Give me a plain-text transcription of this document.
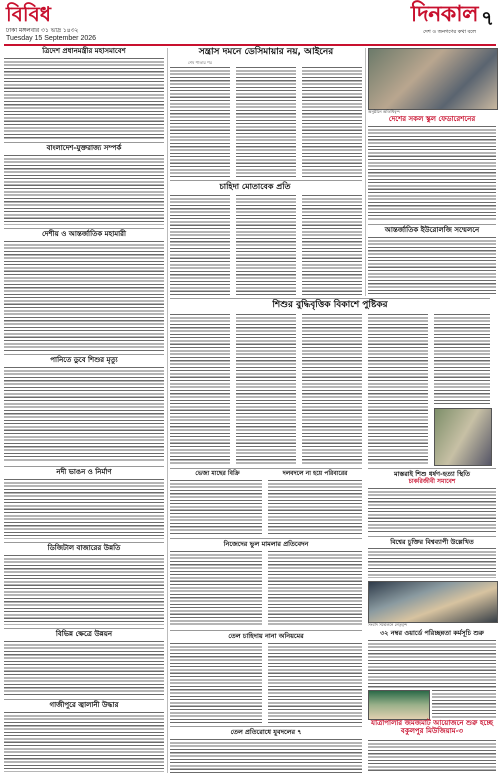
বিবিধ
ঢাকা মঙ্গলবার ৩১ ভাদ্র ১৪৩২
Tuesday 15 September 2026
দিনকাল
দেশ ও জনগণের কথা বলে
৭
ত্রিদেশ প্রধানমন্ত্রীর মহাসমাবেশ
বাংলাদেশ-যুক্তরাজ্য সম্পর্ক
দেশীয় ও আন্তর্জাতিক মহামারী
পানিতে ডুবে শিশুর মৃত্যু
নদী ভাঙন ও নির্মাণ
ডিজিটাল বাজারের উন্নতি
বিভিন্ন ক্ষেত্রে উন্নয়ন
গাজীপুরে জ্বালানী উদ্ধার
সন্ত্রাস দমনে ডেসিমায়ার নয়, আইনের
শেষ পাতার পর
চাহিদা মোতাবেক প্রতি
শিশুর বুদ্ধিবৃত্তিক বিকাশে পুষ্টিকর
ভেজা মাছের বিক্রি	দলবদলে না হয়ে পরিবারের
নিজেদের ভুল মামলার প্রতিবেদন
তেল চাহিদায় নানা অনিয়মের
তেল প্রতিরোধে যুবদলের ৭
অনুষ্ঠানে অতিথিবৃন্দ
দেশের সকল স্কুল ফেডারেশনের
আন্তর্জাতিক ইউরোলজি সম্মেলনে
মাস্তরাই শিশু ধর্ষণ-হত্যা স্থিতি
চাকরিজীবী সমাবেশ
বিশ্বের চুক্তির বিশ্বব্যাপী উল্লেখিত
সংবাদ সম্মেলনে নেতৃবৃন্দ
৩২ নম্বর ওয়ার্ডে পরিচ্ছন্নতা কর্মসূচি শুরু
যাত্রাপালার জমজমাট আয়োজনে শুরু হচ্ছে বকুলপুর মিউজিয়াম-৩
